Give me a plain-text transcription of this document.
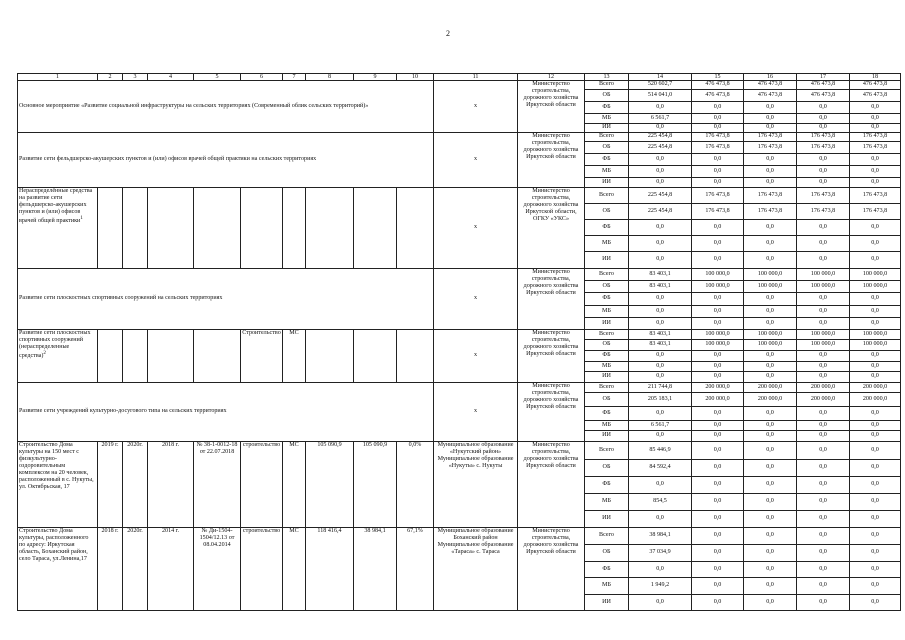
2
1	2	3	4	5	6	7	8	9	10	11	12	13	14	15	16	17	18
Основное мероприятие «Развитие социальной инфраструктуры на сельских территориях (Современный облик сельских территорий)»										х	Министерство строительства, дорожного хозяйства Иркутской области	Всего	520 602,7	476 473,8	476 473,8	476 473,8	476 473,8
												ОБ	514 041,0	476 473,8	476 473,8	476 473,8	476 473,8
												ФБ	0,0	0,0	0,0	0,0	0,0
												МБ	6 561,7	0,0	0,0	0,0	0,0
												ИИ	0,0	0,0	0,0	0,0	0,0
Развитие сети фельдшерско-акушерских пунктов и (или) офисов врачей общей практики на сельских территориях										х	Министерство строительства, дорожного хозяйства Иркутской области	Всего	225 454,8	176 473,8	176 473,8	176 473,8	176 473,8
												ОБ	225 454,8	176 473,8	176 473,8	176 473,8	176 473,8
												ФБ	0,0	0,0	0,0	0,0	0,0
												МБ	0,0	0,0	0,0	0,0	0,0
												ИИ	0,0	0,0	0,0	0,0	0,0
Нераспределённые средства на развитие сети фельдшерско-акушерских пунктов и (или) офисов врачей общей практики$^1$										х	Министерство строительства, дорожного хозяйства Иркутской области, ОГКУ «УКС»	Всего	225 454,8	176 473,8	176 473,8	176 473,8	176 473,8
												ОБ	225 454,8	176 473,8	176 473,8	176 473,8	176 473,8
												ФБ	0,0	0,0	0,0	0,0	0,0
												МБ	0,0	0,0	0,0	0,0	0,0
												ИИ	0,0	0,0	0,0	0,0	0,0
Развитие сети плоскостных спортивных сооружений на сельских территориях										х	Министерство строительства, дорожного хозяйства Иркутской области	Всего	83 403,1	100 000,0	100 000,0	100 000,0	100 000,0
												ОБ	83 403,1	100 000,0	100 000,0	100 000,0	100 000,0
												ФБ	0,0	0,0	0,0	0,0	0,0
												МБ	0,0	0,0	0,0	0,0	0,0
												ИИ	0,0	0,0	0,0	0,0	0,0
Развитие сети плоскостных спортивных сооружений (нераспределенные средства)$^2$					Строительство	МС				х	Министерство строительства, дорожного хозяйства Иркутской области	Всего	83 403,1	100 000,0	100 000,0	100 000,0	100 000,0
												ОБ	83 403,1	100 000,0	100 000,0	100 000,0	100 000,0
												ФБ	0,0	0,0	0,0	0,0	0,0
												МБ	0,0	0,0	0,0	0,0	0,0
												ИИ	0,0	0,0	0,0	0,0	0,0
Развитие сети учреждений культурно-досугового типа на сельских территориях										х	Министерство строительства, дорожного хозяйства Иркутской области	Всего	211 744,8	200 000,0	200 000,0	200 000,0	200 000,0
												ОБ	205 183,1	200 000,0	200 000,0	200 000,0	200 000,0
												ФБ	0,0	0,0	0,0	0,0	0,0
												МБ	6 561,7	0,0	0,0	0,0	0,0
												ИИ	0,0	0,0	0,0	0,0	0,0
Строительство Дома культуры на 150 мест с физкультурно-оздоровительным комплексом на 20 человек, расположенный в с. Нукуты, ул. Октябрьская, 17	2019 г.	2020г.	2018 г.	№ 38-1-0012-18 от 22.07.2018	строительство	МС	105 090,9	105 090,9	0,0%	Муниципальное образование «Нукутский район» Муниципальное образование «Нукуты» с. Нукуты	Министерство строительства, дорожного хозяйства Иркутской области	Всего	85 446,9	0,0	0,0	0,0	0,0
												ОБ	84 592,4	0,0	0,0	0,0	0,0
												ФБ	0,0	0,0	0,0	0,0	0,0
												МБ	854,5	0,0	0,0	0,0	0,0
												ИИ	0,0	0,0	0,0	0,0	0,0
Строительство Дома культуры, расположенного по адресу: Иркутская область, Боханский район, село Тараса, ул.Ленина,17	2018 г.	2020г.	2014 г.	№ Ди-1504-1504/12.13 от 08.04.2014	строительство	МС	118 416,4	38 984,1	67,1%	Муниципальное образование Боханский район Муниципальное образование «Тараса» с. Тараса	Министерство строительства, дорожного хозяйства Иркутской области	Всего	38 984,1	0,0	0,0	0,0	0,0
												ОБ	37 034,9	0,0	0,0	0,0	0,0
												ФБ	0,0	0,0	0,0	0,0	0,0
												МБ	1 949,2	0,0	0,0	0,0	0,0
												ИИ	0,0	0,0	0,0	0,0	0,0
